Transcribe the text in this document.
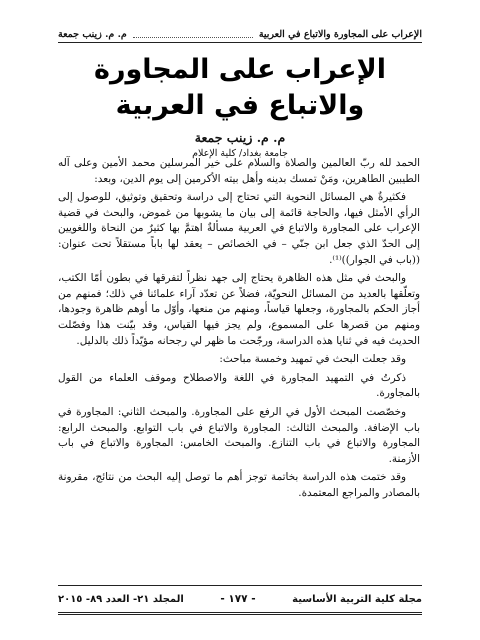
الإعراب على المجاورة والاتباع في العربية
م. م. زينب جمعة
الإعراب على المجاورة والاتباع في العربية

م. م. زينب جمعة

جامعة بغداد/ كلية الإعلام

الحمد لله ربّ العالمين والصلاة والسلام على خير المرسلين محمد الأمين وعلى آله الطيبين الطاهرين، ومَنْ تمسك بدينه وأهل بيته الأكرمين إلى يوم الدين، وبعد:

فكثيرةٌ هي المسائل النحوية التي تحتاج إلى دراسة وتحقيق وتوثيق، للوصول إلى الرأي الأمثل فيها، والحاجة قائمة إلى بيان ما يشوبها من غموض، والبحث في قضية الإعراب على المجاورة والاتباع في العربية مسألةٌ اهتمَّ بها كثيرٌ من النحاة واللغويين إلى الحدّ الذي جعل ابن جنّي – في الخصائص – يعقد لها باباً مستقلاً تحت عنوان: ((باب في الجوار))⁽¹⁾.

والبحث في مثل هذه الظاهرة يحتاج إلى جهد نظراً لتفرقها في بطون أمّا الكتب، وتعلّقها بالعديد من المسائل النحويّة، فضلاً عن تعدّد آراء علمائنا في ذلك؛ فمنهم من أجاز الحكم بالمجاورة، وجعلها قياساً، ومنهم من منعها، وأوّل ما أوهم ظاهرة وجودها، ومنهم من قصرها على المسموع، ولم يجز فيها القياس، وقد بيّنت هذا وفصّلت الحديث فيه في ثنايا هذه الدراسة، ورجّحت ما ظهر لي رجحانه مؤيّداً ذلك بالدليل.

وقد جعلت البحث في تمهيد وخمسة مباحث:

ذكرتُ في التمهيد المجاورة في اللغة والاصطلاح وموقف العلماء من القول بالمجاورة.

وخصّصت المبحث الأول في الرفع على المجاورة. والمبحث الثاني: المجاورة في باب الإضافة. والمبحث الثالث: المجاورة والاتباع في باب التوابع. والمبحث الرابع: المجاورة والاتباع في باب التنازع. والمبحث الخامس: المجاورة والاتباع في باب الأزمنة.

وقد ختمت هذه الدراسة بخاتمة توجز أهم ما توصل إليه البحث من نتائج، مقرونة بالمصادر والمراجع المعتمدة.

مجلة كلية التربية الأساسية
- ١٧٧ -
المجلد ٢١- العدد ٨٩- ٢٠١٥
